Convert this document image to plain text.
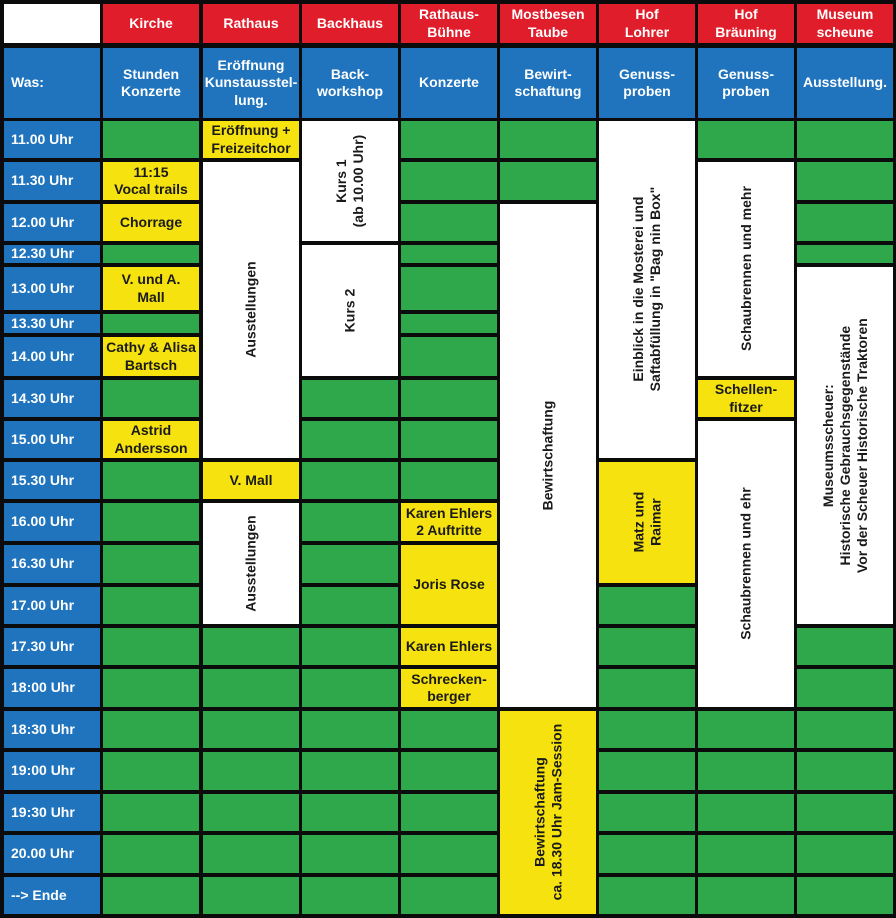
Was:
Kirche
Stunden
Konzerte
Rathaus
Eröffnung
Kunstausstel-
lung.
Backhaus
Back-
workshop
Rathaus-
Bühne
Konzerte
Mostbesen
Taube
Bewirt-
schaftung
Hof
Lohrer
Genuss-
proben
Hof
Bräuning
Genuss-
proben
Museum
scheune
Ausstellung.
11.00 Uhr
11.30 Uhr
12.00 Uhr
12.30 Uhr
13.00 Uhr
13.30 Uhr
14.00 Uhr
14.30 Uhr
15.00 Uhr
15.30 Uhr
16.00 Uhr
16.30 Uhr
17.00 Uhr
17.30 Uhr
18:00 Uhr
18:30 Uhr
19:00 Uhr
19:30 Uhr
20.00 Uhr
--> Ende
11:15
Vocal trails
Chorrage
V. und A.
Mall
Cathy & Alisa
Bartsch
Astrid
Andersson
Eröffnung +
Freizeitchor
Ausstellungen
V. Mall
Ausstellungen
Kurs 1
(ab 10.00 Uhr)
Kurs 2
Karen Ehlers
2 Auftritte
Joris Rose
Karen Ehlers
Schrecken-
berger
Bewirtschaftung
Bewirtschaftung
ca. 18.30 Uhr Jam-Session
Einblick in die Mosterei und
Saftabfüllung in "Bag nin Box"
Matz und
Raimar
Schaubrennen und mehr
Schellen-
fitzer
Schaubrennen und ehr
Museumsscheuer:
Historische Gebrauchsgegenstände
Vor der Scheuer Historische Traktoren
